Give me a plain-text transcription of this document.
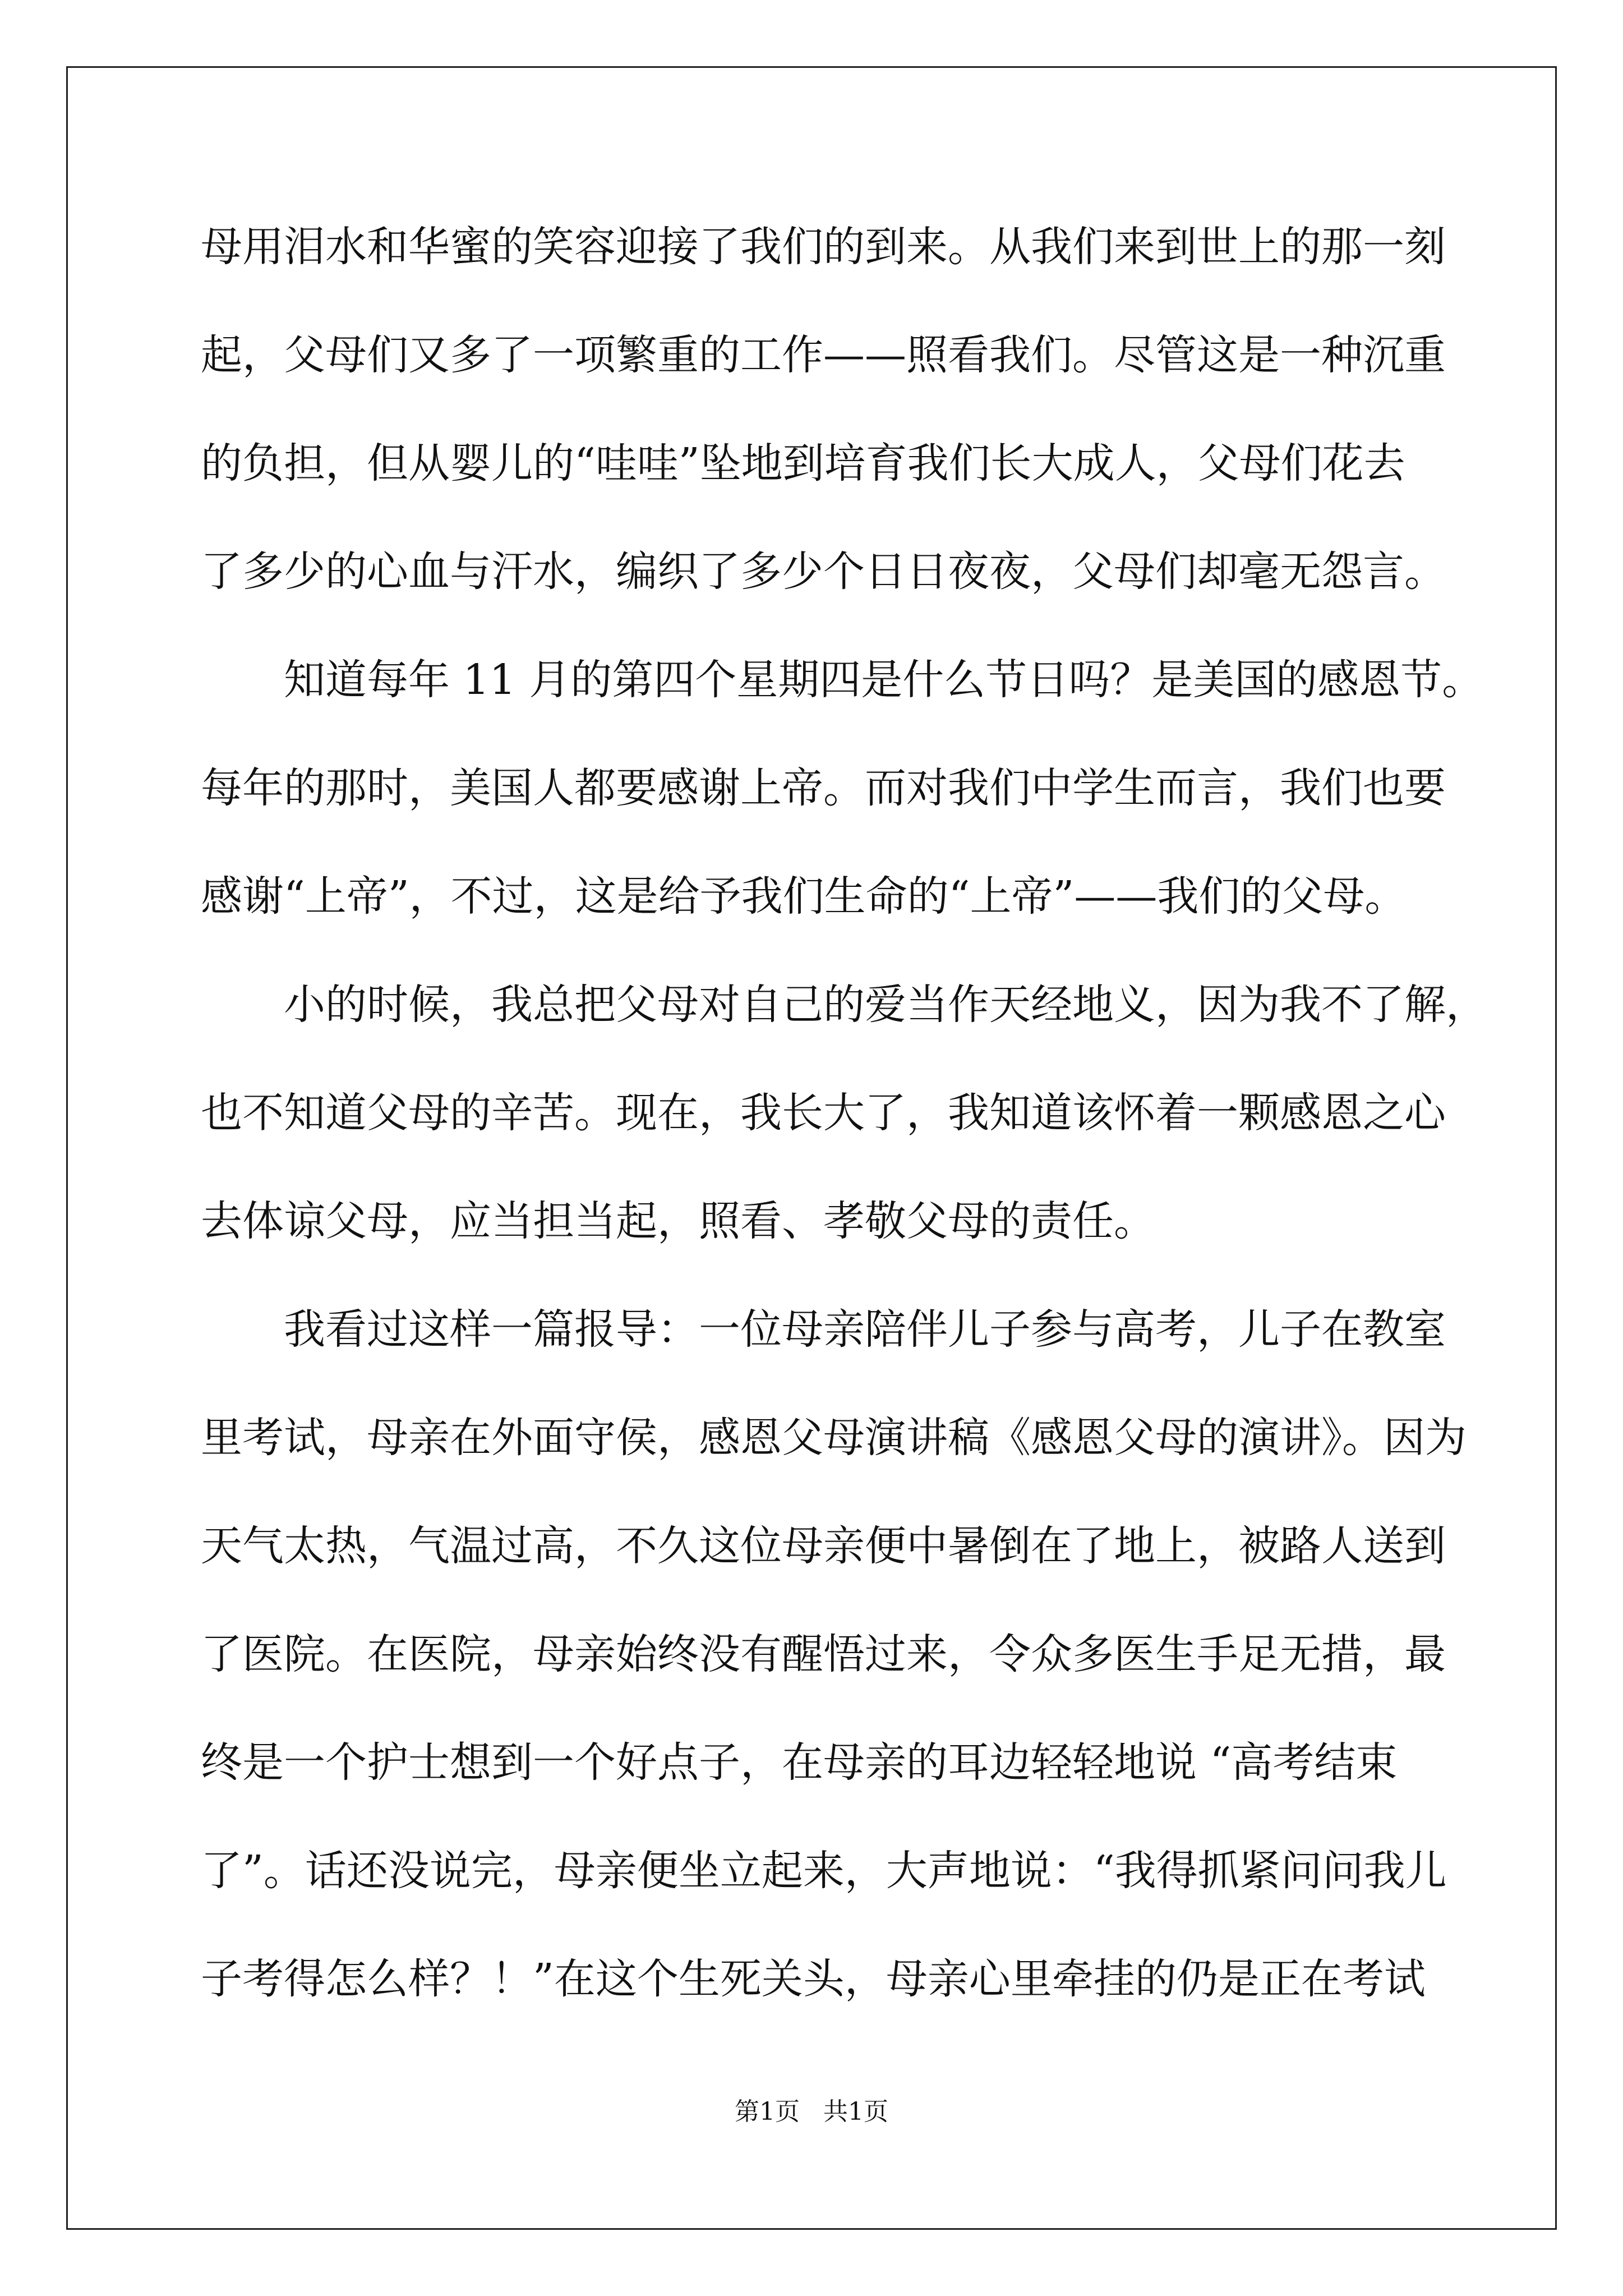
母用泪水和华蜜的笑容迎接了我们的到来。从我们来到世上的那一刻
起，父母们又多了一项繁重的工作——照看我们。尽管这是一种沉重
的负担，但从婴儿的“哇哇”坠地到培育我们长大成人，父母们花去
了多少的心血与汗水，编织了多少个日日夜夜，父母们却毫无怨言。
知道每年 11 月的第四个星期四是什么节日吗？是美国的感恩节。
每年的那时，美国人都要感谢上帝。而对我们中学生而言，我们也要
感谢“上帝”，不过，这是给予我们生命的“上帝”——我们的父母。
小的时候，我总把父母对自己的爱当作天经地义，因为我不了解，
也不知道父母的辛苦。现在，我长大了，我知道该怀着一颗感恩之心
去体谅父母，应当担当起，照看、孝敬父母的责任。
我看过这样一篇报导：一位母亲陪伴儿子参与高考，儿子在教室
里考试，母亲在外面守侯，感恩父母演讲稿《感恩父母的演讲》。因为
天气太热，气温过高，不久这位母亲便中暑倒在了地上，被路人送到
了医院。在医院，母亲始终没有醒悟过来，令众多医生手足无措，最
终是一个护士想到一个好点子，在母亲的耳边轻轻地说 “高考结束
了”。话还没说完，母亲便坐立起来，大声地说：“我得抓紧问问我儿
子考得怎么样？！”在这个生死关头，母亲心里牵挂的仍是正在考试
第1页   共1页
